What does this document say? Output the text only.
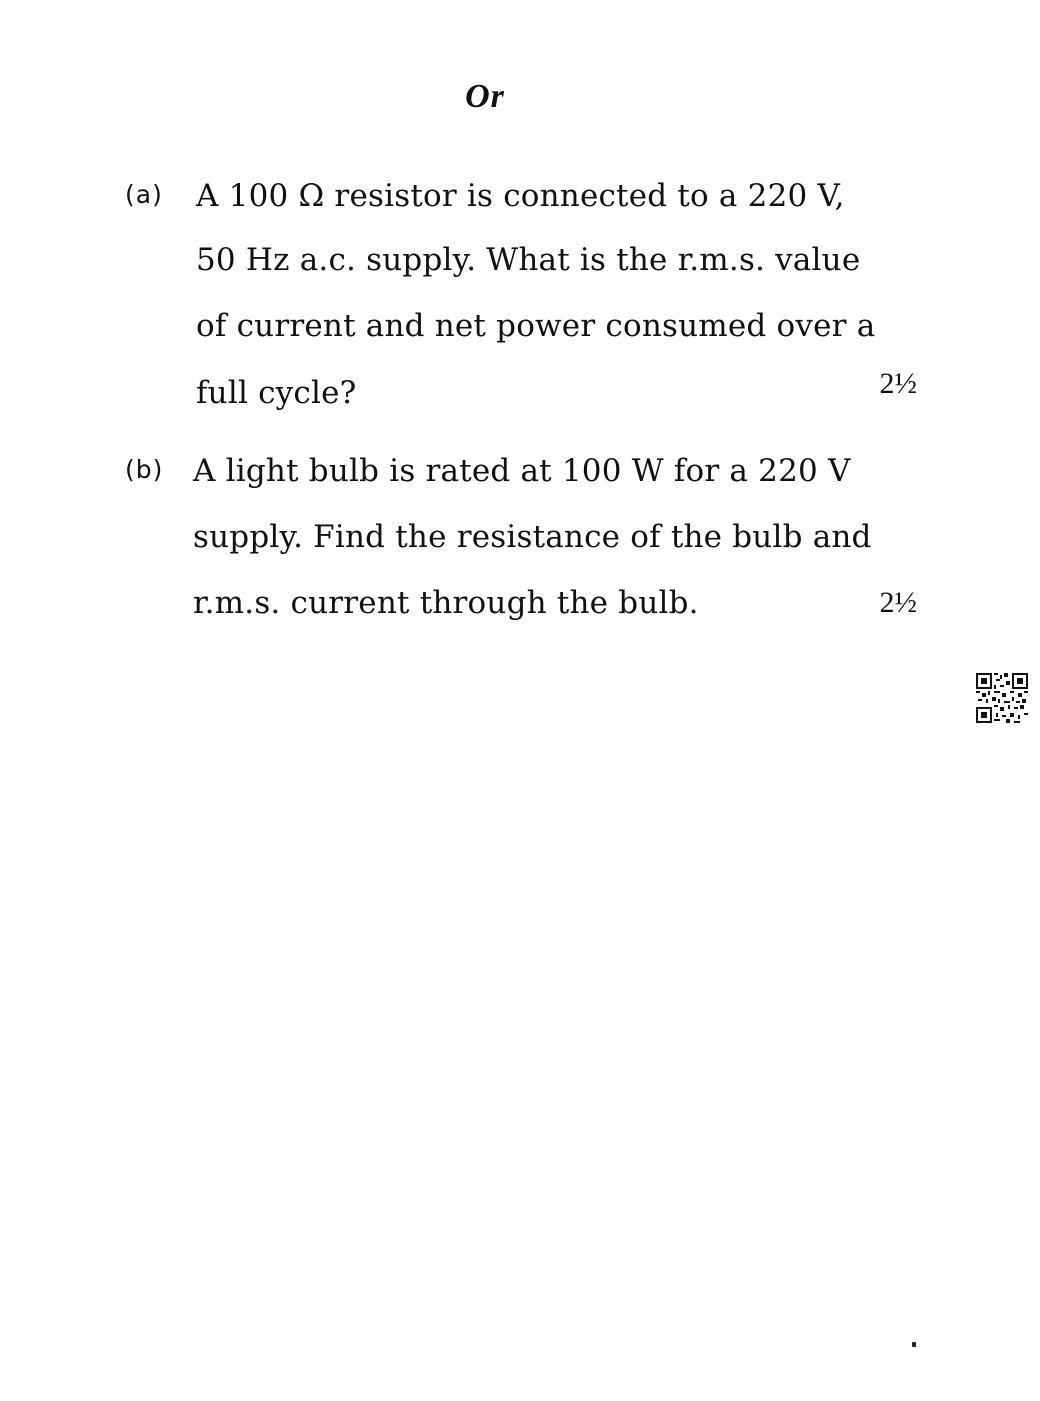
Or
(a) A 100 Ω resistor is connected to a 220 V,
50 Hz a.c. supply. What is the r.m.s. value
of current and net power consumed over a
full cycle?	2½
(b) A light bulb is rated at 100 W for a 220 V
supply. Find the resistance of the bulb and
r.m.s. current through the bulb.	2½
